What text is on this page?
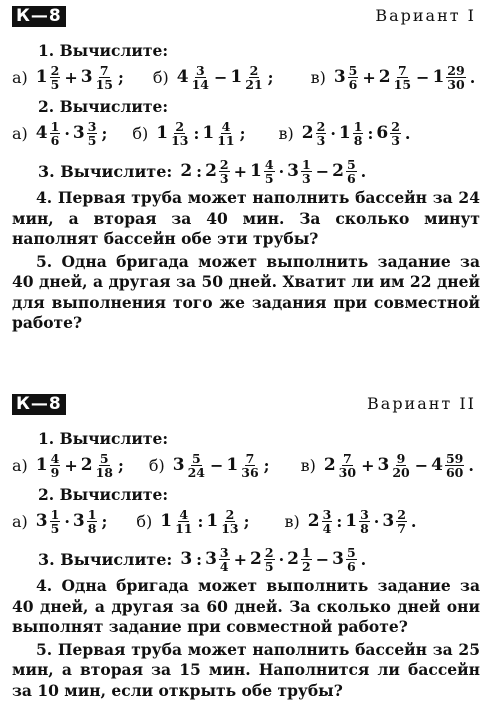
К—8	Вариант I
1. Вычислите:
а) $1 \frac{2}{5} + 3 \frac{7}{15}$ ; б) $4 \frac{3}{14} - 1 \frac{2}{21}$ ; в) $3 \frac{5}{6} + 2 \frac{7}{15} - 1 \frac{29}{30}$ .
2. Вычислите:
а) $4 \frac{1}{6} \cdot 3 \frac{3}{5}$ ; б) $1 \frac{2}{13}$ : $1 \frac{4}{11}$ ; в) $2 \frac{2}{3} \cdot 1 \frac{1}{8}$ : $6 \frac{2}{3}$ .
3. Вычислите: 2 : $2 \frac{2}{3} + 1 \frac{4}{5} \cdot 3 \frac{1}{3} - 2 \frac{5}{6}$ .

4. Первая труба может наполнить бассейн за 24 мин, а вторая за 40 мин. За сколько минут наполнят бассейн обе эти трубы?

5. Одна бригада может выполнить задание за 40 дней, а другая за 50 дней. Хватит ли им 22 дней для выполнения того же задания при совместной работе?

К—8	Вариант II
1. Вычислите:
а) $1 \frac{4}{9} + 2 \frac{5}{18}$ ; б) $3 \frac{5}{24} - 1 \frac{7}{36}$ ; в) $2 \frac{7}{30} + 3 \frac{9}{20} - 4 \frac{59}{60}$ .
2. Вычислите:
а) $3 \frac{1}{5} \cdot 3 \frac{1}{8}$ ; б) $1 \frac{4}{11}$ : $1 \frac{2}{13}$ ; в) $2 \frac{3}{4}$ : $1 \frac{3}{8} \cdot 3 \frac{2}{7}$ .
3. Вычислите: 3 : $3 \frac{3}{4} + 2 \frac{2}{5} \cdot 2 \frac{1}{2} - 3 \frac{5}{6}$ .

4. Одна бригада может выполнить задание за 40 дней, а другая за 60 дней. За сколько дней они выполнят задание при совместной работе?

5. Первая труба может наполнить бассейн за 25 мин, а вторая за 15 мин. Наполнится ли бассейн за 10 мин, если открыть обе трубы?
